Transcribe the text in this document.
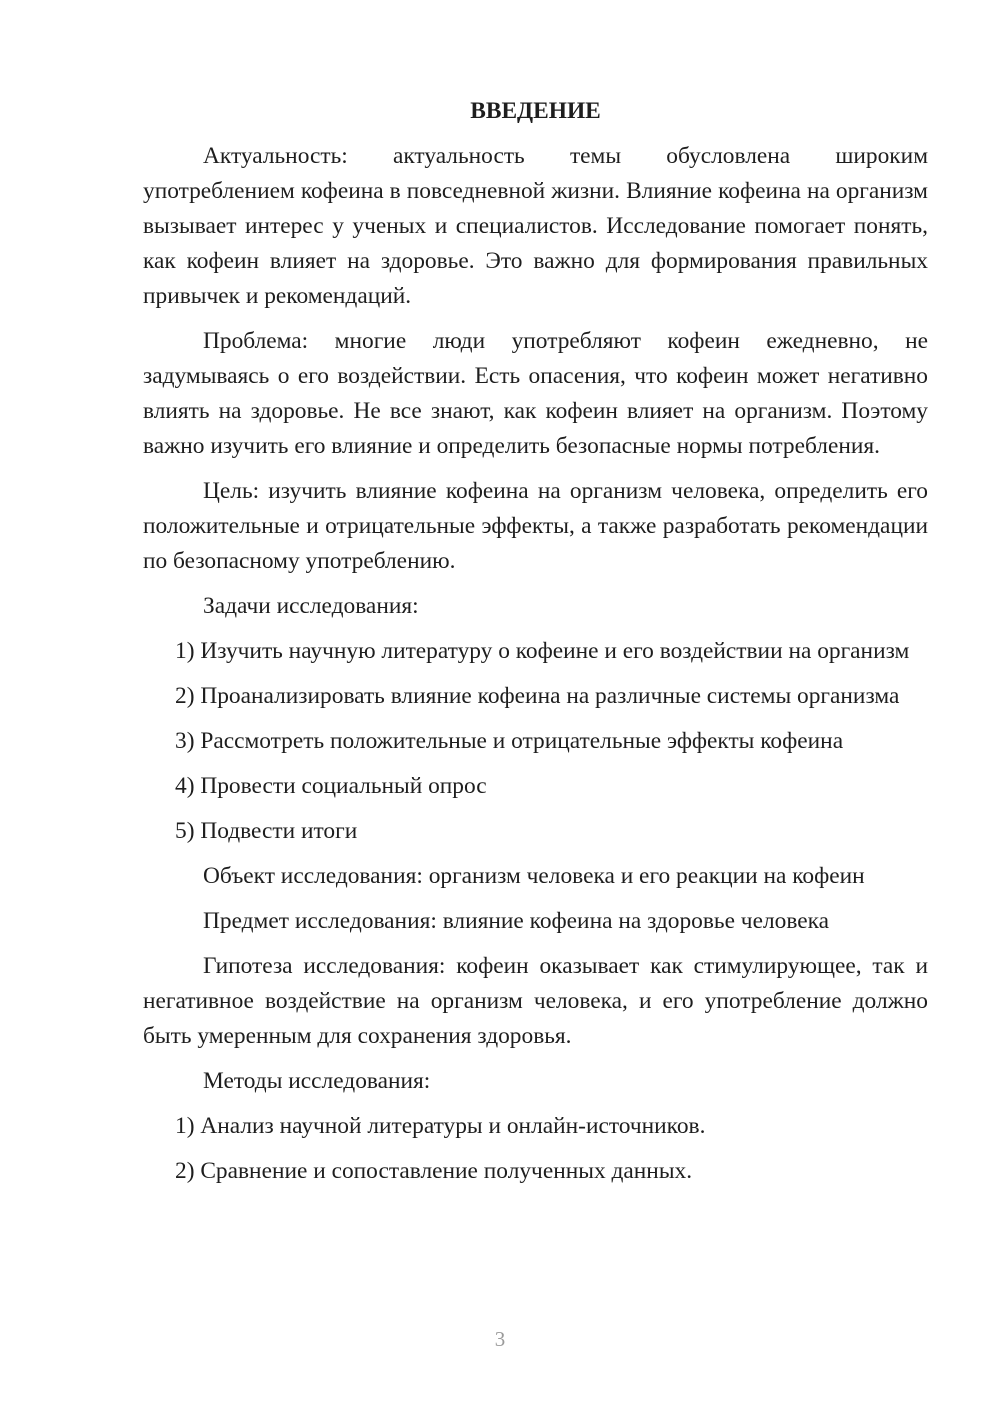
ВВЕДЕНИЕ

Актуальность: актуальность темы обусловлена широким употреблением кофеина в повседневной жизни. Влияние кофеина на организм вызывает интерес у ученых и специалистов. Исследование помогает понять, как кофеин влияет на здоровье. Это важно для формирования правильных привычек и рекомендаций.

Проблема: многие люди употребляют кофеин ежедневно, не задумываясь о его воздействии. Есть опасения, что кофеин может негативно влиять на здоровье. Не все знают, как кофеин влияет на организм. Поэтому важно изучить его влияние и определить безопасные нормы потребления.

Цель: изучить влияние кофеина на организм человека, определить его положительные и отрицательные эффекты, а также разработать рекомендации по безопасному употреблению.

Задачи исследования:

1) Изучить научную литературу о кофеине и его воздействии на организм

2) Проанализировать влияние кофеина на различные системы организма

3) Рассмотреть положительные и отрицательные эффекты кофеина

4) Провести социальный опрос

5) Подвести итоги

Объект исследования: организм человека и его реакции на кофеин

Предмет исследования: влияние кофеина на здоровье человека

Гипотеза исследования: кофеин оказывает как стимулирующее, так и негативное воздействие на организм человека, и его употребление должно быть умеренным для сохранения здоровья.

Методы исследования:

1) Анализ научной литературы и онлайн-источников.

2) Сравнение и сопоставление полученных данных.

3
